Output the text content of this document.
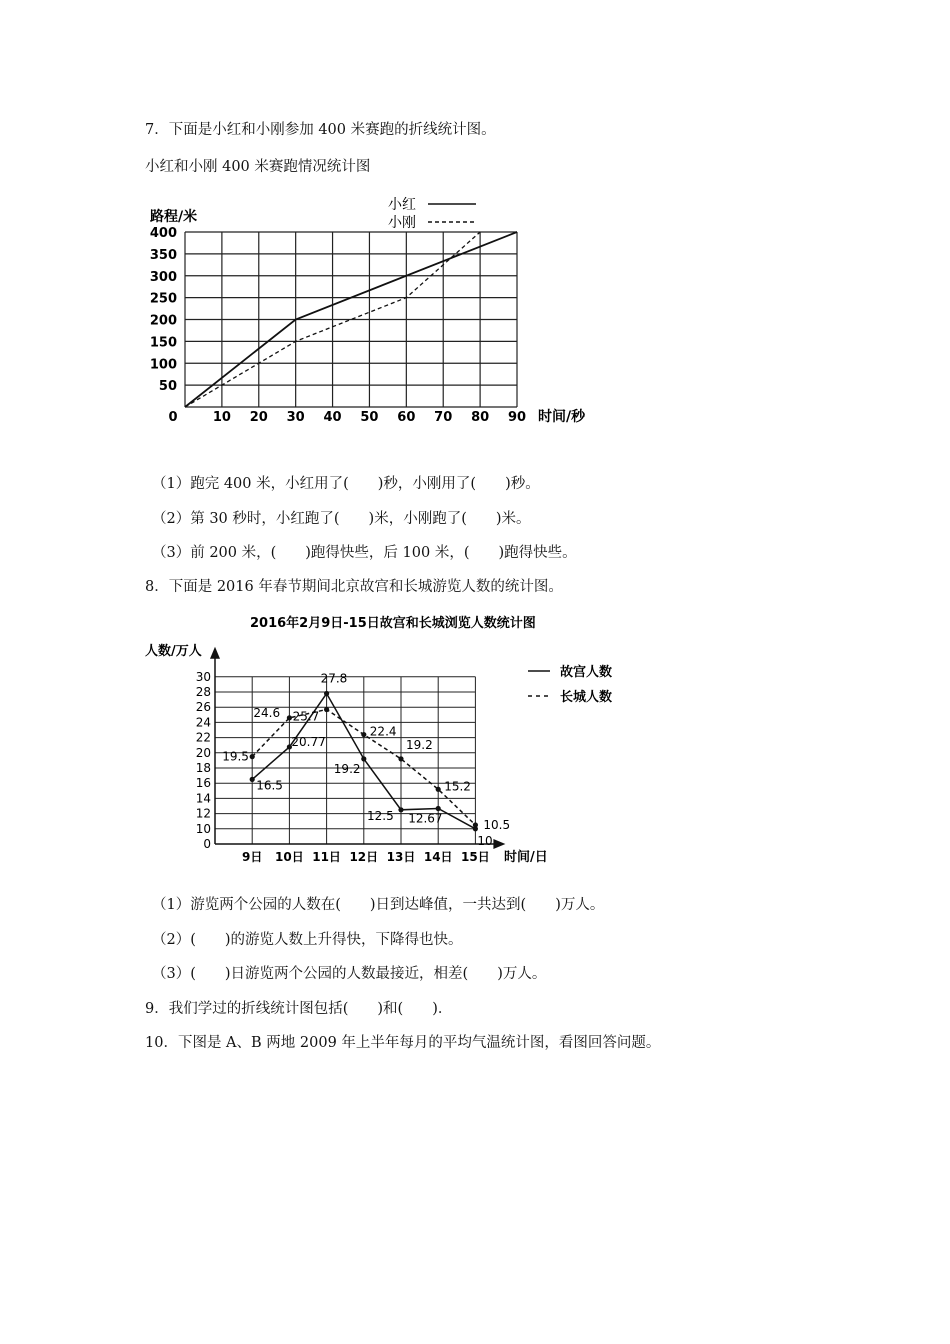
7．下面是小红和小刚参加 400 米赛跑的折线统计图。
小红和小刚 400 米赛跑情况统计图
50
100
150
200
250
300
350
400
0	10 20 30 40 50 60 70 80 90
路程/米
时间/秒
小红
小刚
（1）跑完 400 米，小红用了(　　)秒，小刚用了(　　)秒。
（2）第 30 秒时，小红跑了(　　)米，小刚跑了(　　)米。
（3）前 200 米，(　　)跑得快些，后 100 米，(　　)跑得快些。
8．下面是 2016 年春节期间北京故宫和长城游览人数的统计图。
2016年2月9日-15日故宫和长城浏览人数统计图
人数/万人
时间/日
0
10
12
14
16
18
20
22
24
26
28
30
9日 10日 11日 12日 13日 14日 15日
16.5
20.77
27.8
19.2
12.5 12.67
10
19.5
24.6 25.7
22.4
19.2
15.2
10.5
故宫人数
长城人数
（1）游览两个公园的人数在(　　)日到达峰值，一共达到(　　)万人。
（2）(　　)的游览人数上升得快，下降得也快。
（3）(　　)日游览两个公园的人数最接近，相差(　　)万人。
9．我们学过的折线统计图包括(　　)和(　　)．
10．下图是 A、B 两地 2009 年上半年每月的平均气温统计图，看图回答问题。
